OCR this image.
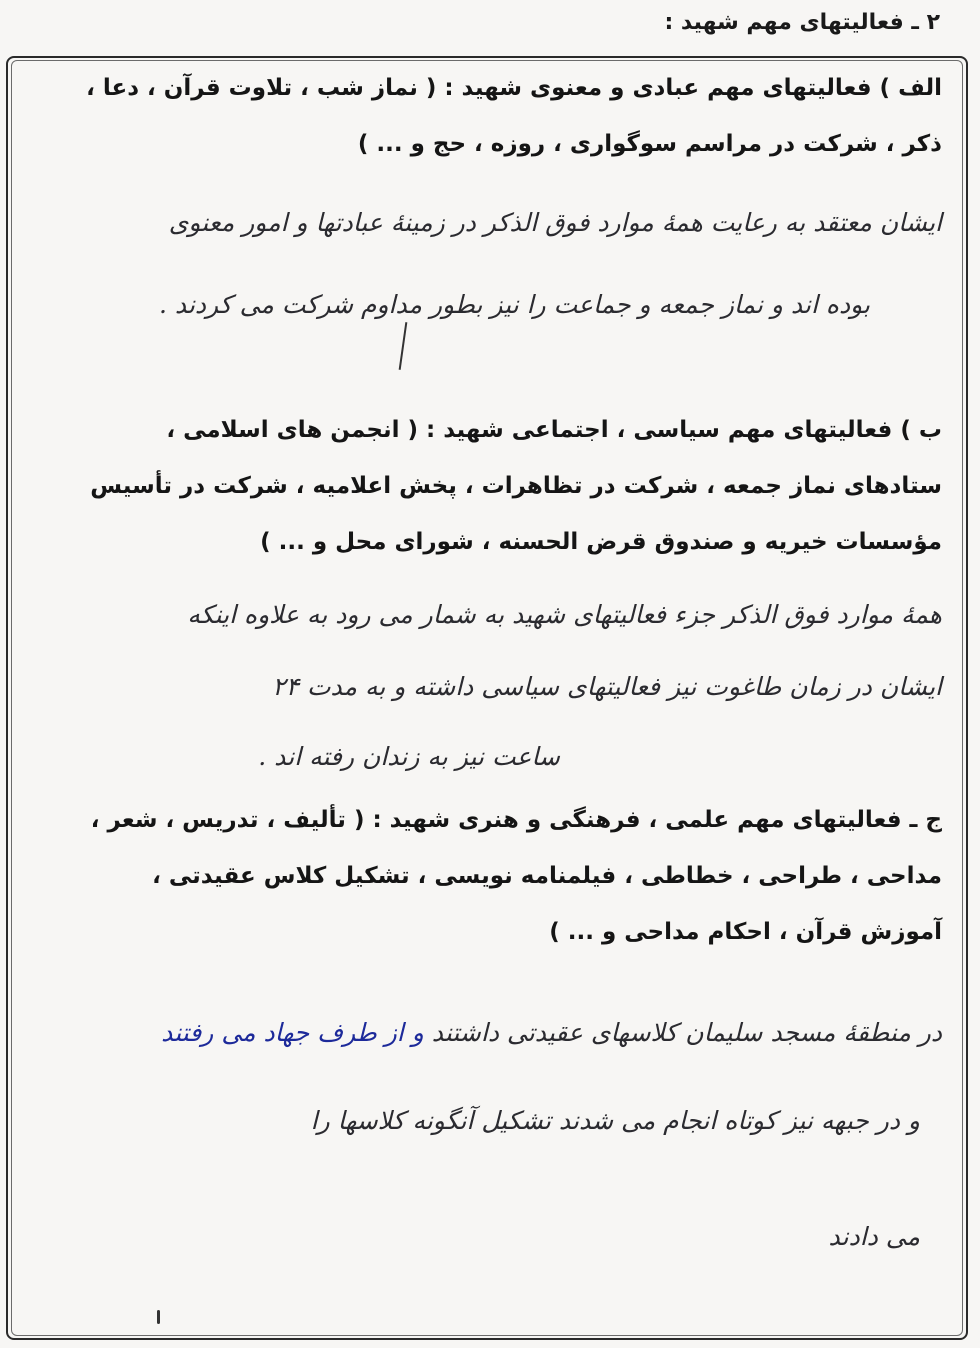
۲ ـ فعالیتهای مهم شهید :
الف ) فعالیتهای مهم عبادی و معنوی شهید : ( نماز شب ، تلاوت قرآن ، دعا ،
ذکر ، شرکت در مراسم سوگواری ، روزه ، حج و ... )
ایشان معتقد به رعایت همهٔ موارد فوق الذکر در زمینهٔ عبادتها و امور معنوی
بوده اند و نماز جمعه و جماعت را نیز بطور مداوم شرکت می کردند .
ب ) فعالیتهای مهم سیاسی ، اجتماعی شهید : ( انجمن های اسلامی ،
ستادهای نماز جمعه ، شرکت در تظاهرات ، پخش اعلامیه ، شرکت در تأسیس
مؤسسات خیریه و صندوق قرض الحسنه ، شورای محل و ... )
همهٔ موارد فوق الذکر جزء فعالیتهای شهید به شمار می رود به علاوه اینکه
ایشان در زمان طاغوت نیز فعالیتهای سیاسی داشته و به مدت ۲۴
ساعت نیز به زندان رفته اند .
ج ـ فعالیتهای مهم علمی ، فرهنگی و هنری شهید : ( تألیف ، تدریس ، شعر ،
مداحی ، طراحی ، خطاطی ، فیلمنامه نویسی ، تشکیل کلاس عقیدتی ،
آموزش قرآن ، احکام مداحی و ... )
در منطقهٔ مسجد سلیمان کلاسهای عقیدتی داشتند و از طرف جهاد می رفتند
و در جبهه نیز کوتاه انجام می شدند تشکیل آنگونه کلاسها را
می دادند
